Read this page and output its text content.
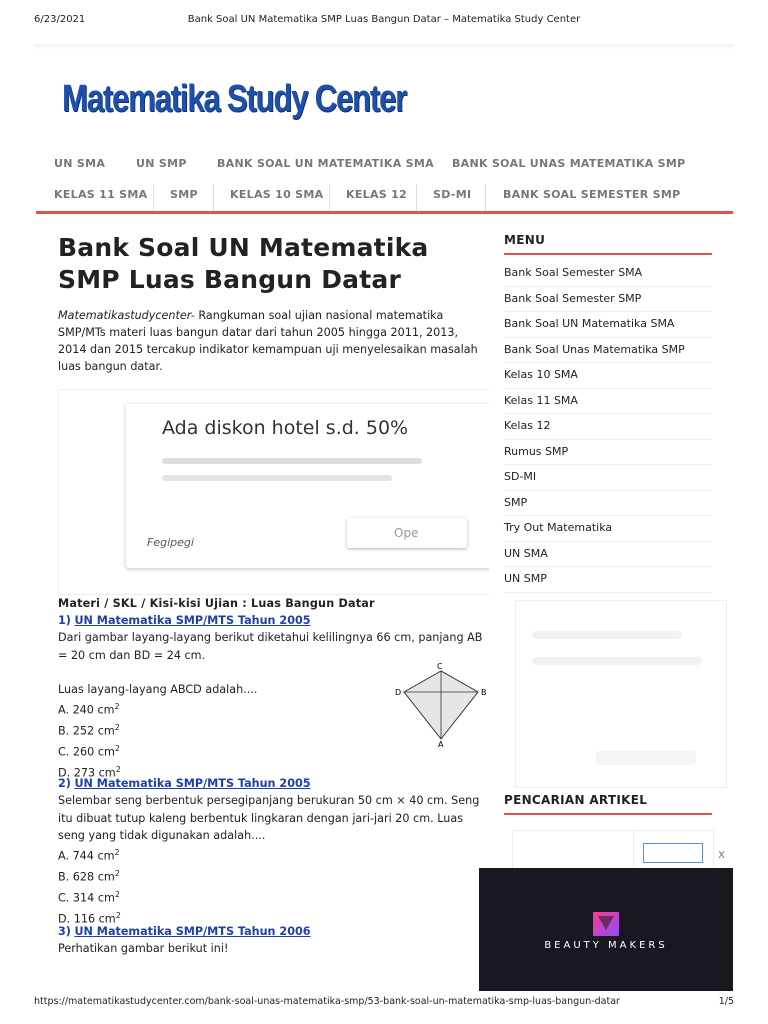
6/23/2021	Bank Soal UN Matematika SMP Luas Bangun Datar – Matematika Study Center
Matematika Study Center
UN SMA	UN SMP	BANK SOAL UN MATEMATIKA SMA BANK SOAL UNAS MATEMATIKA SMP
KELAS 11 SMA SMP	KELAS 10 SMA KELAS 12 SD-MI	BANK SOAL SEMESTER SMP
Bank Soal UN Matematika SMP Luas Bangun Datar
Matematikastudycenter- Rangkuman soal ujian nasional matematika SMP/MTs materi luas bangun datar dari tahun 2005 hingga 2011, 2013, 2014 dan 2015 tercakup indikator kemampuan uji menyelesaikan masalah luas bangun datar.
Ada diskon hotel s.d. 50%
Fegipegi
Ope
Materi / SKL / Kisi-kisi Ujian : Luas Bangun Datar
1) UN Matematika SMP/MTS Tahun 2005
Dari gambar layang-layang berikut diketahui kelilingnya 66 cm, panjang AB = 20 cm dan BD = 24 cm.
Luas layang-layang ABCD adalah....
A. 240 $cm^2$
B. 252 $cm^2$
C. 260 $cm^2$
D. 273 $cm^2$
C
D	B
A
2) UN Matematika SMP/MTS Tahun 2005
Selembar seng berbentuk persegipanjang berukuran 50 cm × 40 cm. Seng itu dibuat tutup kaleng berbentuk lingkaran dengan jari-jari 20 cm. Luas seng yang tidak digunakan adalah....
A. 744 $cm^2$
B. 628 $cm^2$
C. 314 $cm^2$
D. 116 $cm^2$
3) UN Matematika SMP/MTS Tahun 2006
Perhatikan gambar berikut ini!
MENU
Bank Soal Semester SMA
Bank Soal Semester SMP
Bank Soal UN Matematika SMA
Bank Soal Unas Matematika SMP
Kelas 10 SMA
Kelas 11 SMA
Kelas 12
Rumus SMP
SD-MI
SMP
Try Out Matematika
UN SMA
UN SMP
PENCARIAN ARTIKEL
x
BEAUTY MAKERS
https://matematikastudycenter.com/bank-soal-unas-matematika-smp/53-bank-soal-un-matematika-smp-luas-bangun-datar	1/5
